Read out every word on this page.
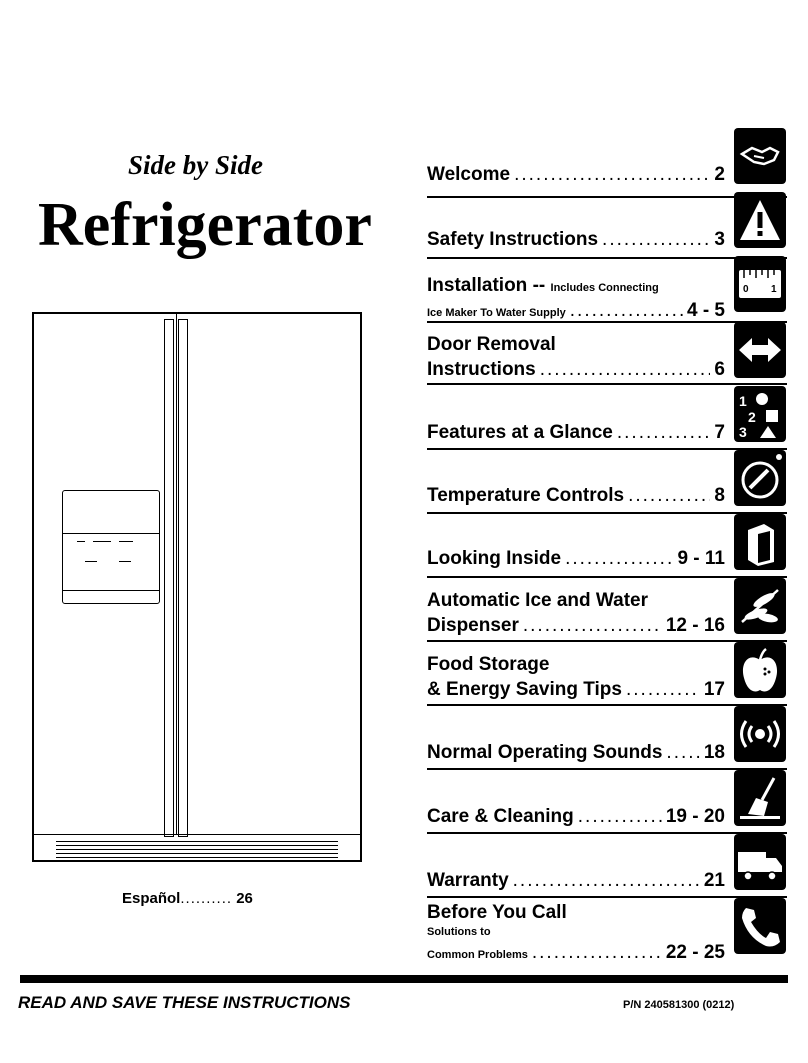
Side by Side
Refrigerator
Español.......... 26
Welcome .....	2
Safety Instructions .....	3
Installation -- Includes Connecting
Ice Maker To Water Supply .....	4 - 5
Door Removal
Instructions .....	6
Features at a Glance .....	7
Temperature Controls .....	8
Looking Inside .....	9 - 11
Automatic Ice and Water
Dispenser .....	12 - 16
Food Storage
& Energy Saving Tips .....	17
Normal Operating Sounds ..... 18
Care & Cleaning .....	19 - 20
Warranty .....	21
Before You Call
Solutions to
Common Problems .....	22 - 25
0 1
1
2
3
READ AND SAVE THESE INSTRUCTIONS	P/N 240581300 (0212)
